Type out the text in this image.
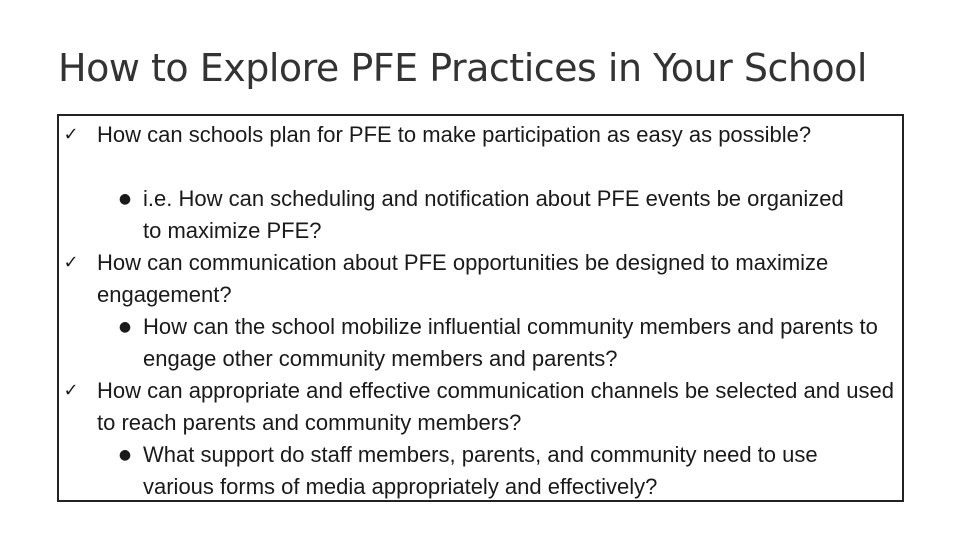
How to Explore PFE Practices in Your School
✓ How can schools plan for PFE to make participation as easy as possible?
● i.e. How can scheduling and notification about PFE events be organized to maximize PFE?
✓ How can communication about PFE opportunities be designed to maximize engagement?
● How can the school mobilize influential community members and parents to engage other community members and parents?
✓ How can appropriate and effective communication channels be selected and used to reach parents and community members?
● What support do staff members, parents, and community need to use various forms of media appropriately and effectively?
